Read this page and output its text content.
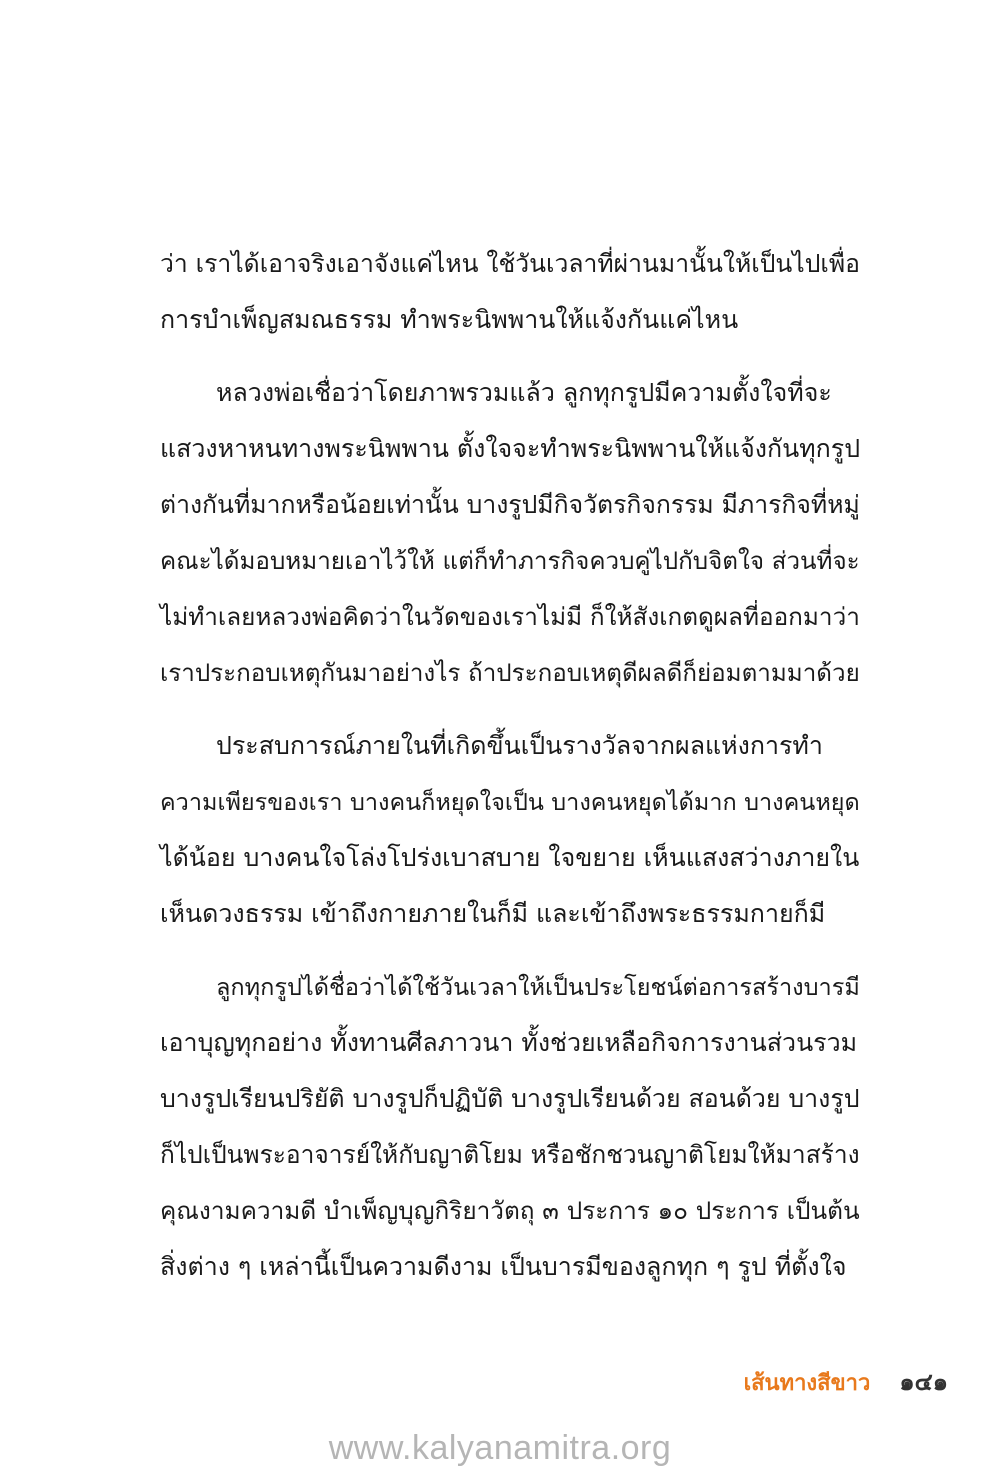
ว่า เราได้เอาจริงเอาจังแค่ไหน ใช้วันเวลาที่ผ่านมานั้นให้เป็นไปเพื่อ
การบำเพ็ญสมณธรรม ทำพระนิพพานให้แจ้งกันแค่ไหน
หลวงพ่อเชื่อว่าโดยภาพรวมแล้ว ลูกทุกรูปมีความตั้งใจที่จะ
แสวงหาหนทางพระนิพพาน ตั้งใจจะทำพระนิพพานให้แจ้งกันทุกรูป
ต่างกันที่มากหรือน้อยเท่านั้น บางรูปมีกิจวัตรกิจกรรม มีภารกิจที่หมู่
คณะได้มอบหมายเอาไว้ให้ แต่ก็ทำภารกิจควบคู่ไปกับจิตใจ ส่วนที่จะ
ไม่ทำเลยหลวงพ่อคิดว่าในวัดของเราไม่มี ก็ให้สังเกตดูผลที่ออกมาว่า
เราประกอบเหตุกันมาอย่างไร ถ้าประกอบเหตุดีผลดีก็ย่อมตามมาด้วย
ประสบการณ์ภายในที่เกิดขึ้นเป็นรางวัลจากผลแห่งการทำ
ความเพียรของเรา บางคนก็หยุดใจเป็น บางคนหยุดได้มาก บางคนหยุด
ได้น้อย บางคนใจโล่งโปร่งเบาสบาย ใจขยาย เห็นแสงสว่างภายใน
เห็นดวงธรรม เข้าถึงกายภายในก็มี และเข้าถึงพระธรรมกายก็มี
ลูกทุกรูปได้ชื่อว่าได้ใช้วันเวลาให้เป็นประโยชน์ต่อการสร้างบารมี
เอาบุญทุกอย่าง ทั้งทานศีลภาวนา ทั้งช่วยเหลือกิจการงานส่วนรวม
บางรูปเรียนปริยัติ บางรูปก็ปฏิบัติ บางรูปเรียนด้วย สอนด้วย บางรูป
ก็ไปเป็นพระอาจารย์ให้กับญาติโยม หรือชักชวนญาติโยมให้มาสร้าง
คุณงามความดี บำเพ็ญบุญกิริยาวัตถุ ๓ ประการ ๑๐ ประการ เป็นต้น
สิ่งต่าง ๆ เหล่านี้เป็นความดีงาม เป็นบารมีของลูกทุก ๆ รูป ที่ตั้งใจ
เส้นทางสีขาว ๑๔๑
www.kalyanamitra.org
